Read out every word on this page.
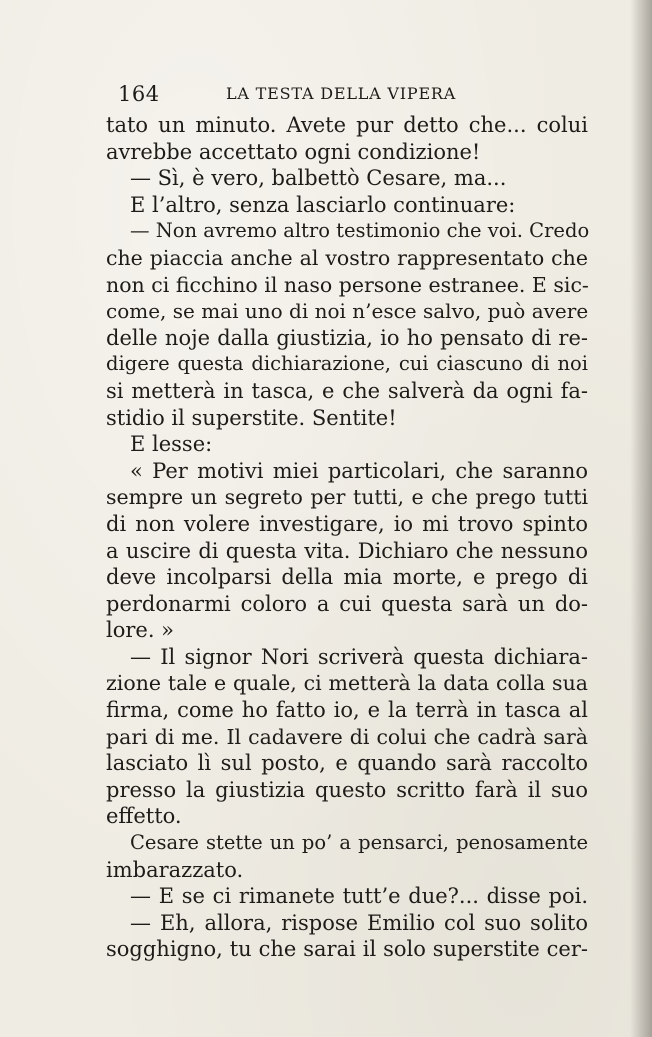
164	LA TESTA DELLA VIPERA
tato un minuto. Avete pur detto che... colui
avrebbe accettato ogni condizione!
— Sì, è vero, balbettò Cesare, ma...
E l’altro, senza lasciarlo continuare:
— Non avremo altro testimonio che voi. Credo
che piaccia anche al vostro rappresentato che
non ci ficchino il naso persone estranee. E sic-
come, se mai uno di noi n’esce salvo, può avere
delle noje dalla giustizia, io ho pensato di re-
digere questa dichiarazione, cui ciascuno di noi
si metterà in tasca, e che salverà da ogni fa-
stidio il superstite. Sentite!
E lesse:
« Per motivi miei particolari, che saranno
sempre un segreto per tutti, e che prego tutti
di non volere investigare, io mi trovo spinto
a uscire di questa vita. Dichiaro che nessuno
deve incolparsi della mia morte, e prego di
perdonarmi coloro a cui questa sarà un do-
lore. »
— Il signor Nori scriverà questa dichiara-
zione tale e quale, ci metterà la data colla sua
firma, come ho fatto io, e la terrà in tasca al
pari di me. Il cadavere di colui che cadrà sarà
lasciato lì sul posto, e quando sarà raccolto
presso la giustizia questo scritto farà il suo
effetto.
Cesare stette un po’ a pensarci, penosamente
imbarazzato.
— E se ci rimanete tutt’e due?... disse poi.
— Eh, allora, rispose Emilio col suo solito
sogghigno, tu che sarai il solo superstite cer-
